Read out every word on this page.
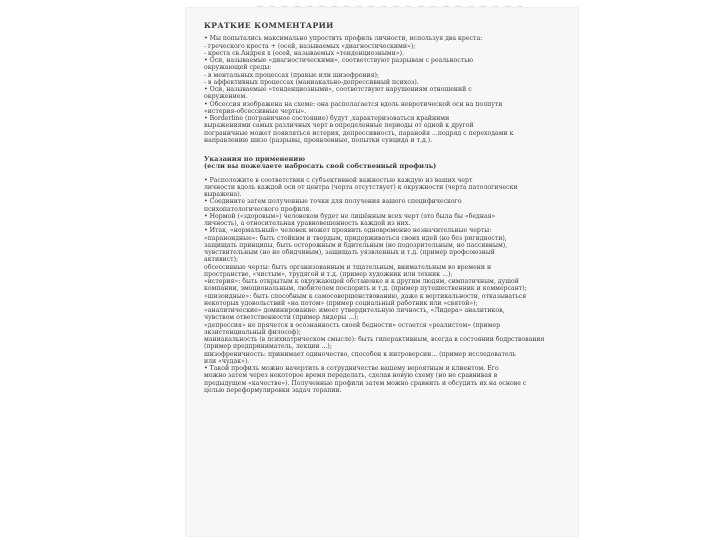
~ ~ ~ ~ ~ ~ ~ ~ ~ ~ ~ ~ ~ ~ ~ ~ ~ ~ ~ ~ ~ ~
КРАТКИЕ КОММЕНТАРИИ
• Мы попытались максимально упростить профиль личности, используя два креста:
- греческого креста + (осей, называемых «диагностическими»);
- креста св.Андрея х (осей, называемых «тенденциозными»).
• Оси, называемые «диагностическими», соответствуют разрывам с реальностью
окружающей среды:
- в ментальных процессах (правые или шизофрения);
- в аффективных процессах (маниакально-депрессивный психоз).
• Оси, называемые «тенденциозными», соответствуют нарушениям отношений с
окружением.
• Обсессия изображена на схеме: она располагается вдоль невротической оси на полпути
«истерия-обсессивные черты».
• Borderline (пограничное состояние) будут ,характеризоваться крайними
выражениями самых различных черт в определенные периоды от одной к другой
пограничные может появляться истерия, депрессивность, паранойя ...подряд с переходами к
направлению шизо (разрывы, проявленные, попытки суицида и т.д.).
Указания по применению
(если вы пожелаете набросать свой собственный профиль)
• Расположите в соответствии с субъективной важностью каждую из ваших черт
личности вдоль каждой оси от центра (черта отсутствует) к окружности (черта патологически
выражена).
• Соедините затем полученные точки для получения вашего специфического
психопатологического профиля.
• Нормой («здоровым») человеком будет не лишённым всех черт (это была бы «бедная»
личность), а относительная уравновешенность каждой из них.
• Итак, «нормальный» человек может проявить одновременно незначительные черты:
«параноидные»: быть стойким и твердым, придерживаться своих идей (но без ригидности),
защищать принципы, быть осторожным и бдительным (но подозрительным, но пассивным),
чувствительным (но не обидчивым), защищать уязвленных и т.д. (пример профсоюзный
активист);
обсессивные черты: быть организованным и тщательным, внимательным во времени и
пространстве, «чистым», трудягой и т.д. (пример художник или техник ...);
«истерия»: быть открытым к окружающей обстановке и к другим людям, симпатичным, душой
компании, эмоциональным, любителем поспорить и т.д. (пример путешественник и коммерсант);
«шизоидные»: быть способным к самосовершенствованию, даже к вертикальности, отказываться
некоторых удовольствий «на потом» (пример социальный работник или «святой»);
«аналитические» доминирование: имеет утвердительную личность, «Лидера» аналитиков,
чувством ответственности (пример лидеры ...);
«депрессия» не прячется в осознанность своей бедности» остается «реалистом» (пример
экзистенциальный философ);
маниакальность (в психиатрическом смысле): быть гиперактивным, всегда в состоянии бодрствования
(пример предприниматель, лекции ...);
шизофреничность: принимает одиночество, способен к интроверсии... (пример исследователь
или «чудак»).
• Такой профиль можно начертить в сотрудничестве вашему вероятным и клиентом. Его
можно затем через некоторое время переделать, сделав новую схему (но не сравнивая в
предыдущем «качестве»). Полученные профили затем можно сравнить и обсудить их на основе с
целью переформулировки задач терапии.
